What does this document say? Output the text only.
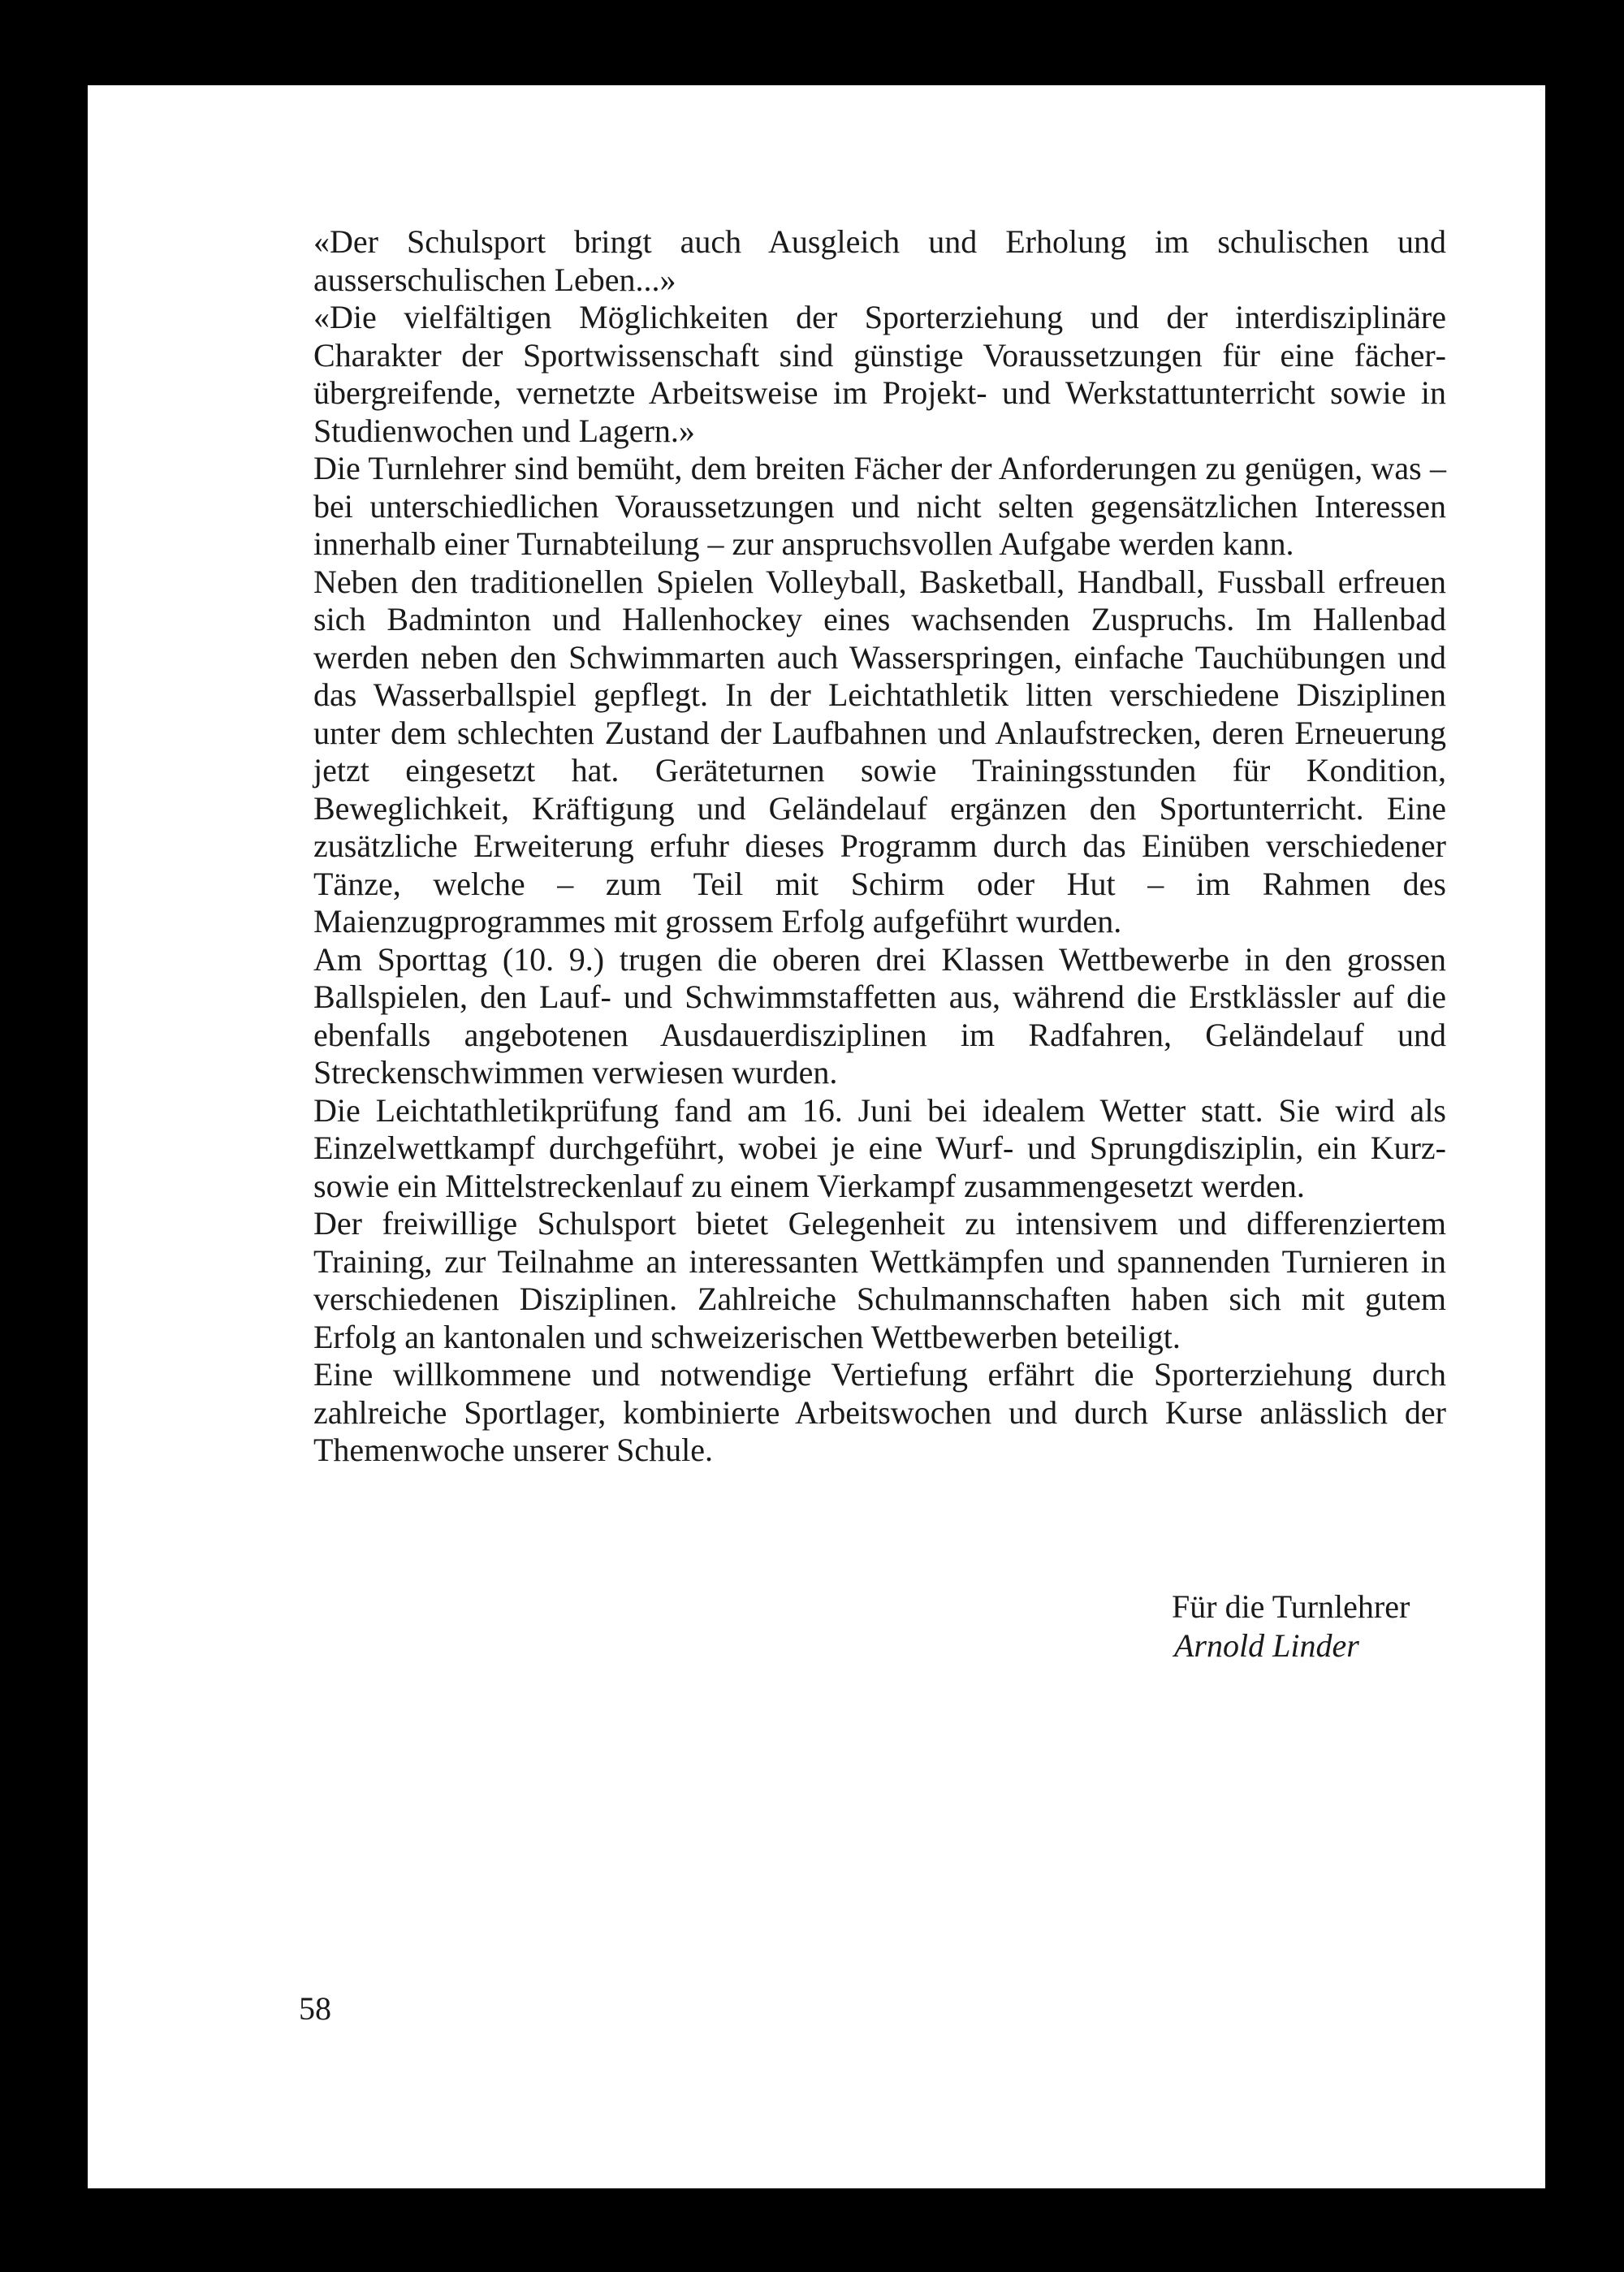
«Der Schulsport bringt auch Ausgleich und Erholung im schulischen und ausserschulischen Leben...»

«Die vielfältigen Möglichkeiten der Sporterziehung und der interdisziplinäre Charakter der Sportwissenschaft sind günstige Voraussetzungen für eine fächerübergreifende, vernetzte Arbeitsweise im Projekt- und Werkstattunterricht sowie in Studienwochen und Lagern.»

Die Turnlehrer sind bemüht, dem breiten Fächer der Anforderungen zu genügen, was – bei unterschiedlichen Voraussetzungen und nicht selten gegensätzlichen Interessen innerhalb einer Turnabteilung – zur anspruchsvollen Aufgabe werden kann.

Neben den traditionellen Spielen Volleyball, Basketball, Handball, Fussball erfreuen sich Badminton und Hallenhockey eines wachsenden Zuspruchs. Im Hallenbad werden neben den Schwimmarten auch Wasserspringen, einfache Tauchübungen und das Wasserballspiel gepflegt. In der Leichtathletik litten verschiedene Disziplinen unter dem schlechten Zustand der Laufbahnen und Anlaufstrecken, deren Erneuerung jetzt eingesetzt hat. Geräteturnen sowie Trainingsstunden für Kondition, Beweglichkeit, Kräftigung und Geländelauf ergänzen den Sportunterricht. Eine zusätzliche Erweiterung erfuhr dieses Programm durch das Einüben verschiedener Tänze, welche – zum Teil mit Schirm oder Hut – im Rahmen des Maienzugprogrammes mit grossem Erfolg aufgeführt wurden.

Am Sporttag (10. 9.) trugen die oberen drei Klassen Wettbewerbe in den grossen Ballspielen, den Lauf- und Schwimmstaffetten aus, während die Erstklässler auf die ebenfalls angebotenen Ausdauerdisziplinen im Radfahren, Geländelauf und Streckenschwimmen verwiesen wurden.

Die Leichtathletikprüfung fand am 16. Juni bei idealem Wetter statt. Sie wird als Einzelwettkampf durchgeführt, wobei je eine Wurf- und Sprungdisziplin, ein Kurz- sowie ein Mittelstreckenlauf zu einem Vierkampf zusammengesetzt werden.

Der freiwillige Schulsport bietet Gelegenheit zu intensivem und differenziertem Training, zur Teilnahme an interessanten Wettkämpfen und spannenden Turnieren in verschiedenen Disziplinen. Zahlreiche Schulmannschaften haben sich mit gutem Erfolg an kantonalen und schweizerischen Wettbewerben beteiligt.

Eine willkommene und notwendige Vertiefung erfährt die Sporterziehung durch zahlreiche Sportlager, kombinierte Arbeitswochen und durch Kurse anlässlich der Themenwoche unserer Schule.

Für die Turnlehrer
Arnold Linder
58
